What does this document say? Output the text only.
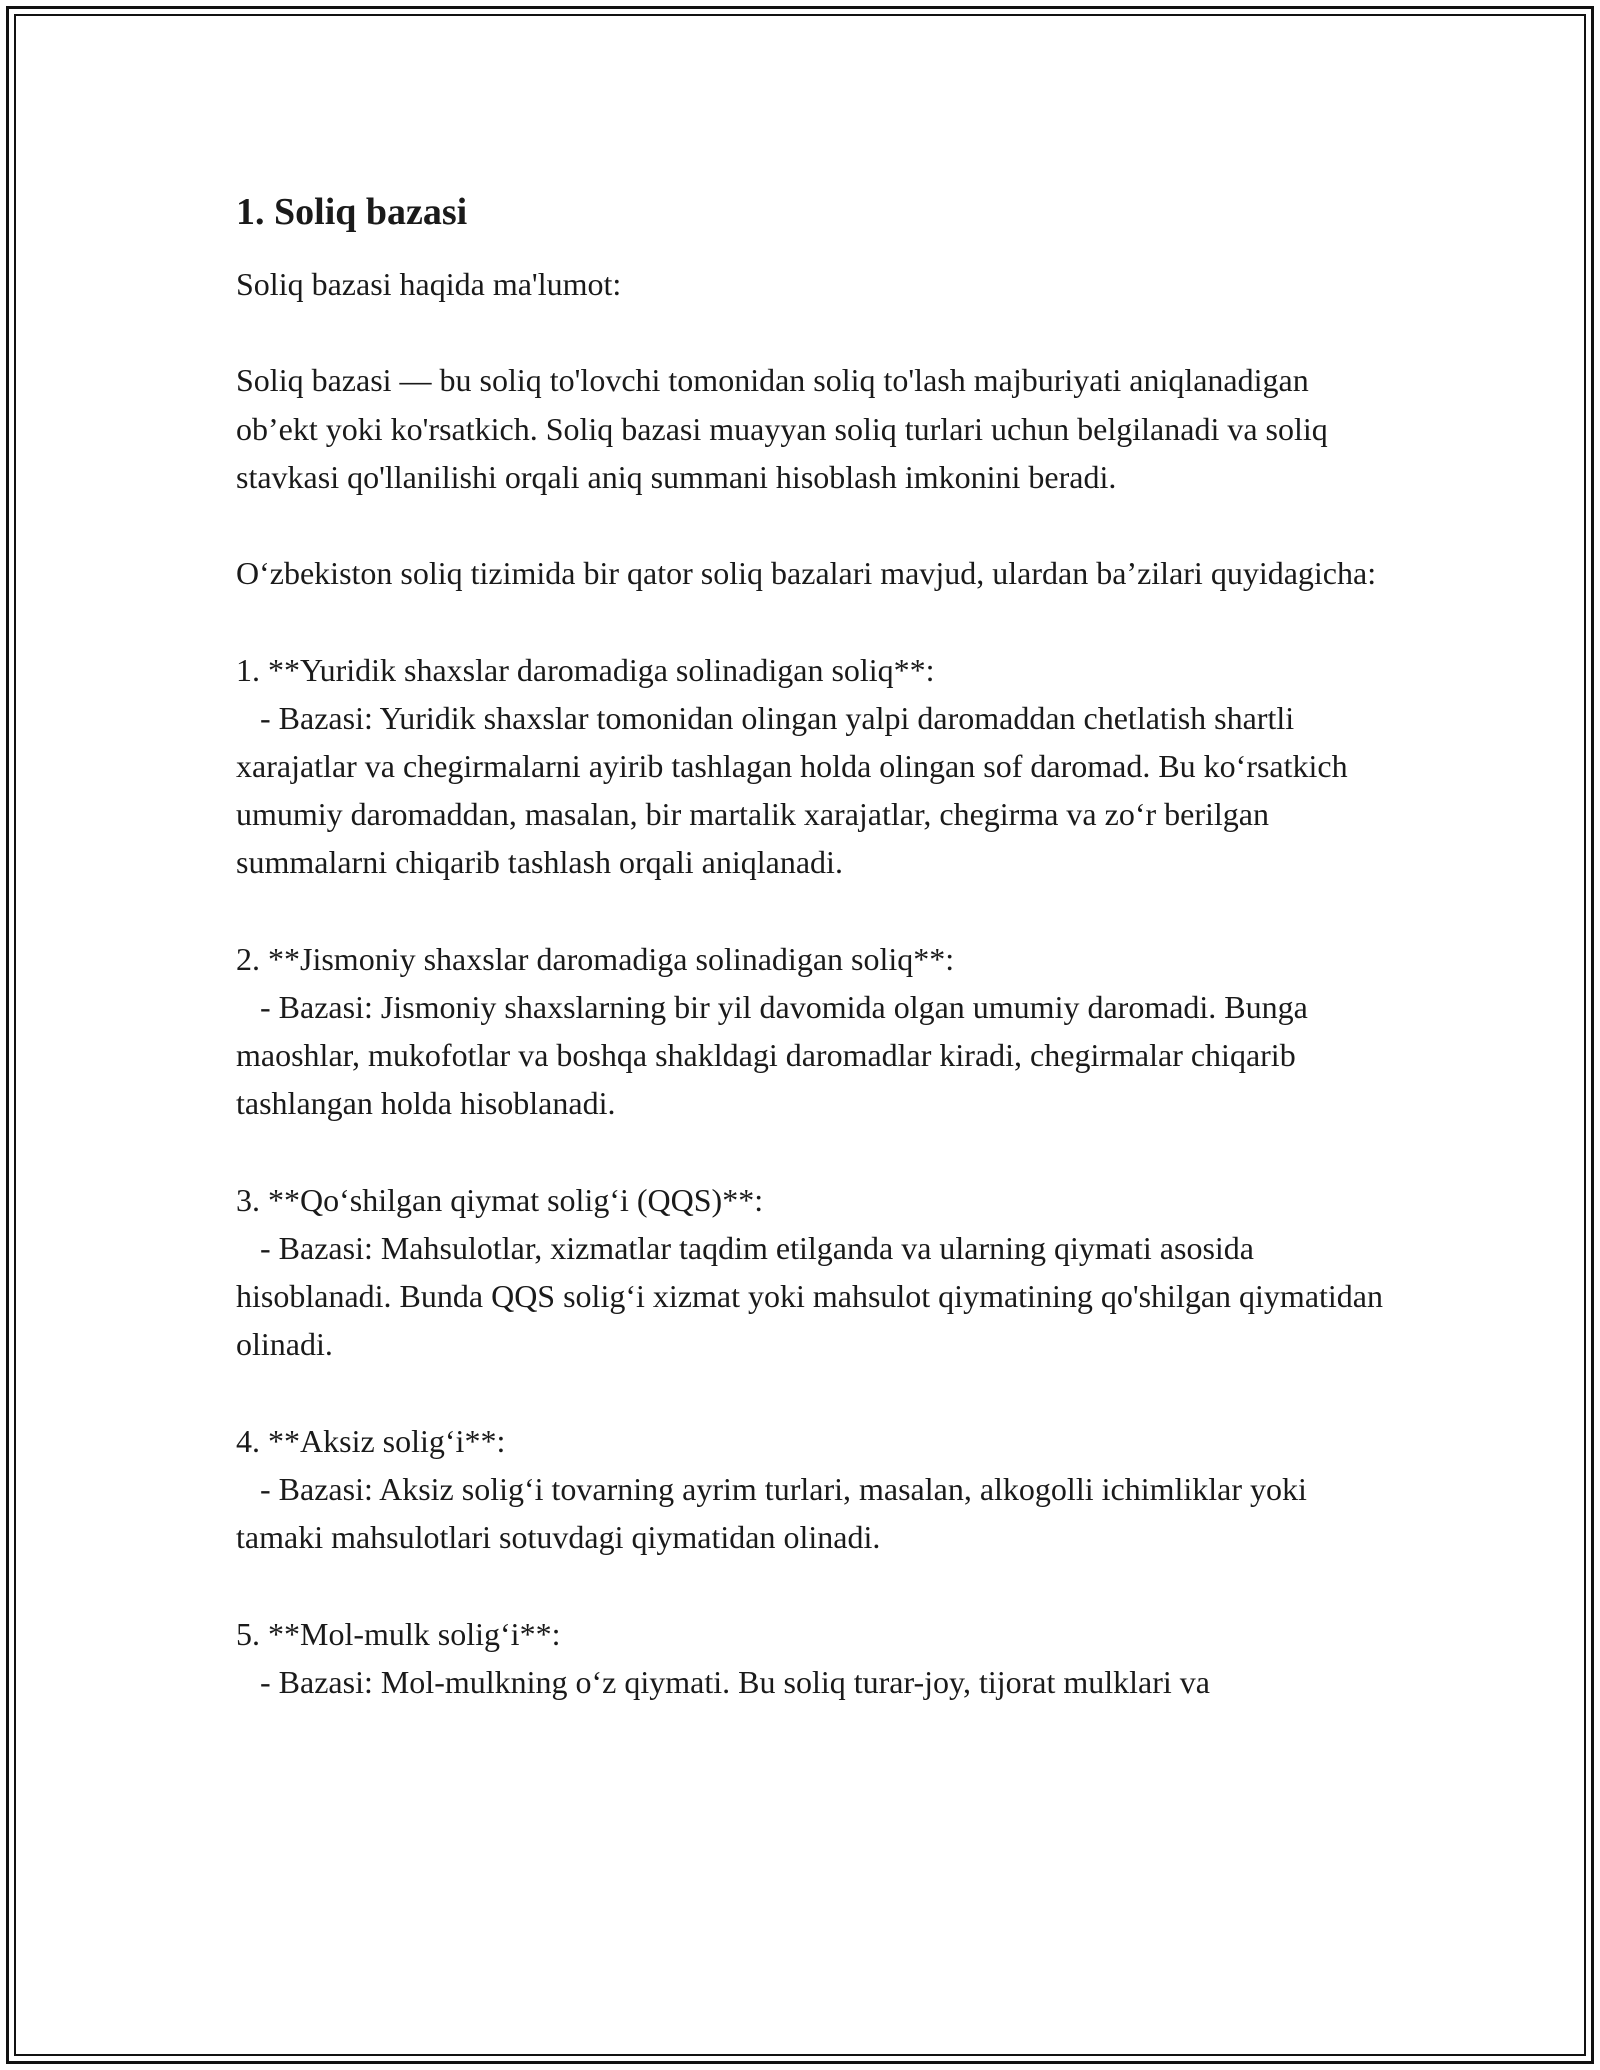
1. Soliq bazasi

Soliq bazasi haqida ma'lumot:

Soliq bazasi — bu soliq to'lovchi tomonidan soliq to'lash majburiyati aniqlanadigan ob’ekt yoki ko'rsatkich. Soliq bazasi muayyan soliq turlari uchun belgilanadi va soliq stavkasi qo'llanilishi orqali aniq summani hisoblash imkonini beradi.

O‘zbekiston soliq tizimida bir qator soliq bazalari mavjud, ulardan ba’zilari quyidagicha:

1. **Yuridik shaxslar daromadiga solinadigan soliq**:

- Bazasi: Yuridik shaxslar tomonidan olingan yalpi daromaddan chetlatish shartli xarajatlar va chegirmalarni ayirib tashlagan holda olingan sof daromad. Bu ko‘rsatkich umumiy daromaddan, masalan, bir martalik xarajatlar, chegirma va zo‘r berilgan summalarni chiqarib tashlash orqali aniqlanadi.

2. **Jismoniy shaxslar daromadiga solinadigan soliq**:

- Bazasi: Jismoniy shaxslarning bir yil davomida olgan umumiy daromadi. Bunga maoshlar, mukofotlar va boshqa shakldagi daromadlar kiradi, chegirmalar chiqarib tashlangan holda hisoblanadi.

3. **Qo‘shilgan qiymat solig‘i (QQS)**:

- Bazasi: Mahsulotlar, xizmatlar taqdim etilganda va ularning qiymati asosida hisoblanadi. Bunda QQS solig‘i xizmat yoki mahsulot qiymatining qo'shilgan qiymatidan olinadi.

4. **Aksiz solig‘i**:

- Bazasi: Aksiz solig‘i tovarning ayrim turlari, masalan, alkogolli ichimliklar yoki tamaki mahsulotlari sotuvdagi qiymatidan olinadi.

5. **Mol-mulk solig‘i**:

- Bazasi: Mol-mulkning o‘z qiymati. Bu soliq turar-joy, tijorat mulklari va
